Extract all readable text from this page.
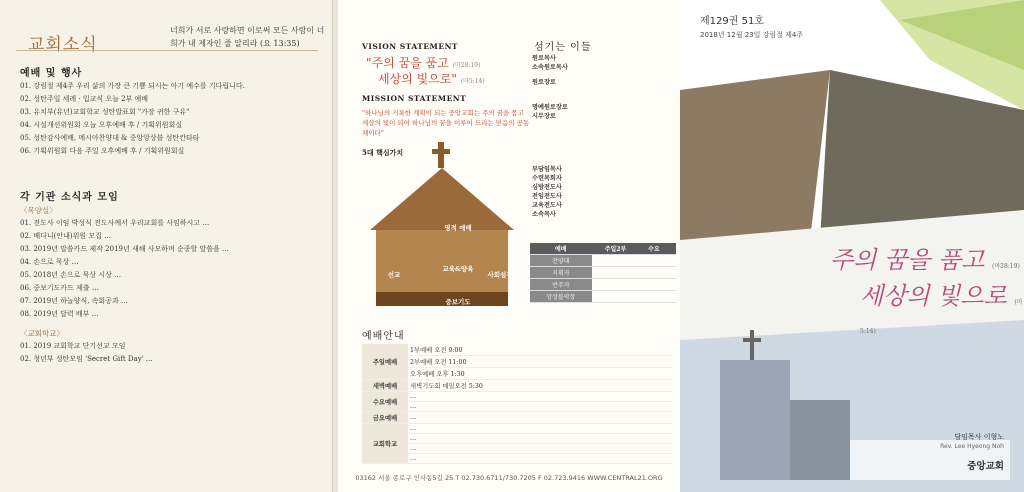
교회소식
너희가 서로 사랑하면 이로써 모든 사람이 너희가 내 제자인 줄 알리라 (요 13:35)
예배 및 행사
01. 강림절 제4주 우리 삶의 가장 큰 기쁨 되시는 아기 예수를 기다립니다.
02. 성탄주일 세례 · 입교식 오늘 2부 예배
03. 유치부(유년)교회학교 성탄발표회 "가장 귀한 구유"
04. 시설개선위원회 오늘 오후예배 후 / 기획위원회실
05. 성탄감사예배, 메시아찬양대 & 중앙앙상블 성탄칸타타
06. 기획위원회 다음 주일 오후예배 후 / 기획위원회실
각 기관 소식과 모임
〈목양실〉
01. 전도사 이임 박성식 전도사께서 우리교회를 사임하시고 …
02. 베다니(안내)위원 모집 …
03. 2019년 말씀카드 제작 2019년 새해 사모하며 순종할 말씀을 …
04. 손으로 묵상 …
05. 2018년 손으로 묵상 시상 …
06. 중보기도카드 제출 …
07. 2019년 하늘양식, 속회공과 …
08. 2019년 달력 배부 …
〈교회학교〉
01. 2019 교회학교 단기선교 모임
02. 청년부 성탄모임 'Secret Gift Day' …
VISION STATEMENT
"주의 꿈을 품고 (마28:19)
세상의 빛으로" (마5:14)
MISSION STATEMENT
"하나님의 거룩한 계획이 되는 중앙교회는 주의 꿈을 품고 세상의 빛이 되어 하나님의 꿈을 이루어 드리는 믿음의 공동체이다"
5대 핵심가치
영적 예배
교육&양육
선교	사회섬김
중보기도
섬기는 이들
원로목사
소속원로목사
원로장로
명예원로장로
시무장로
부담임목사
수련목회자
심방전도사
전임전도사
교육전도사
소속목사
예배	주일2부	수요	
찬양대			
지휘자			
반주자			
앙상블악장			
예배안내
주일예배	1부예배 오전 9:00
	2부예배 오전 11:00
	오후예배 오후 1:30
새벽예배	새벽기도회 매일오전 5:30
수요예배	…
	…
금요예배	…
교회학교	…
	…
	…
	…
03162 서울 종로구 인사동5길 25 T 02.730.6711/730.7205 F 02.723.9416 WWW.CENTRAL21.ORG
제129권 51호
2018년 12월 23일 강림절 제4주
주의 꿈을 품고 (마28:19)
세상의 빛으로 (마5:14)
담임목사 이형노
Rev. Lee Hyeong Noh
중앙교회
